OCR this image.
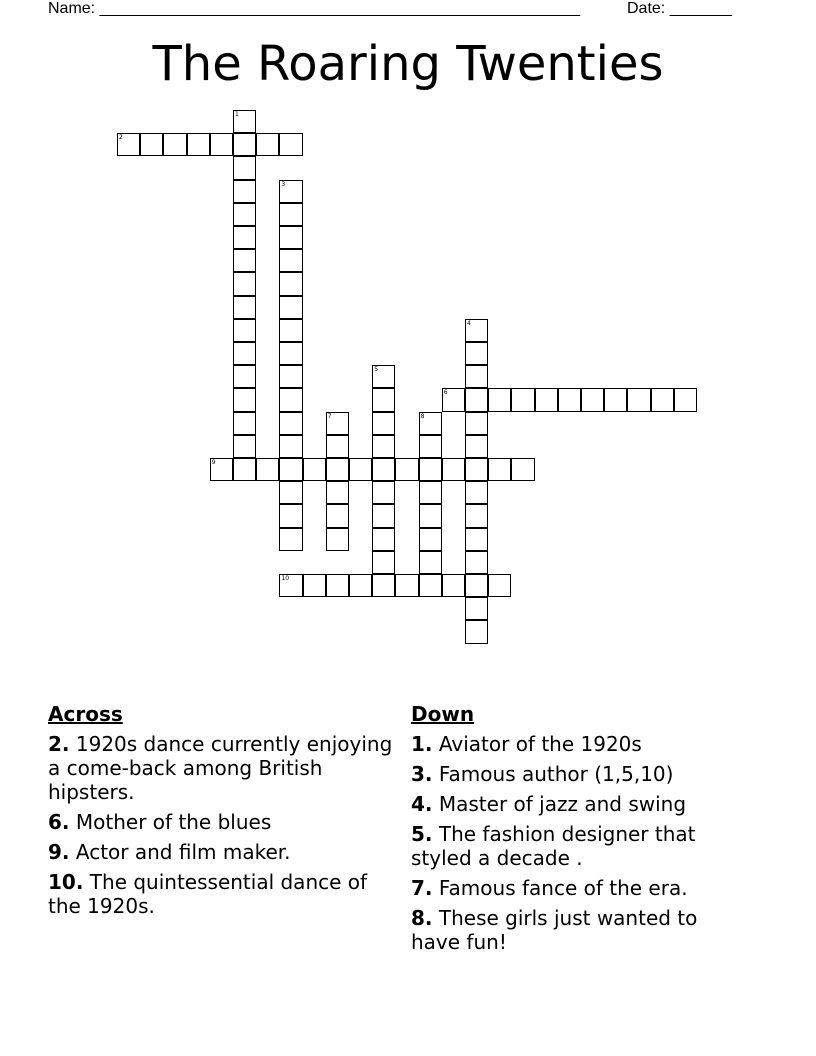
Name: ______________________________________________________	Date: _______
The Roaring Twenties
1
2
3
4
5
6
7	8
9
10
Across
2. 1920s dance currently enjoying a come-back among British hipsters.
6. Mother of the blues
9. Actor and film maker.
10. The quintessential dance of the 1920s.
Down
1. Aviator of the 1920s
3. Famous author (1,5,10)
4. Master of jazz and swing
5. The fashion designer that styled a decade .
7. Famous fance of the era.
8. These girls just wanted to have fun!
